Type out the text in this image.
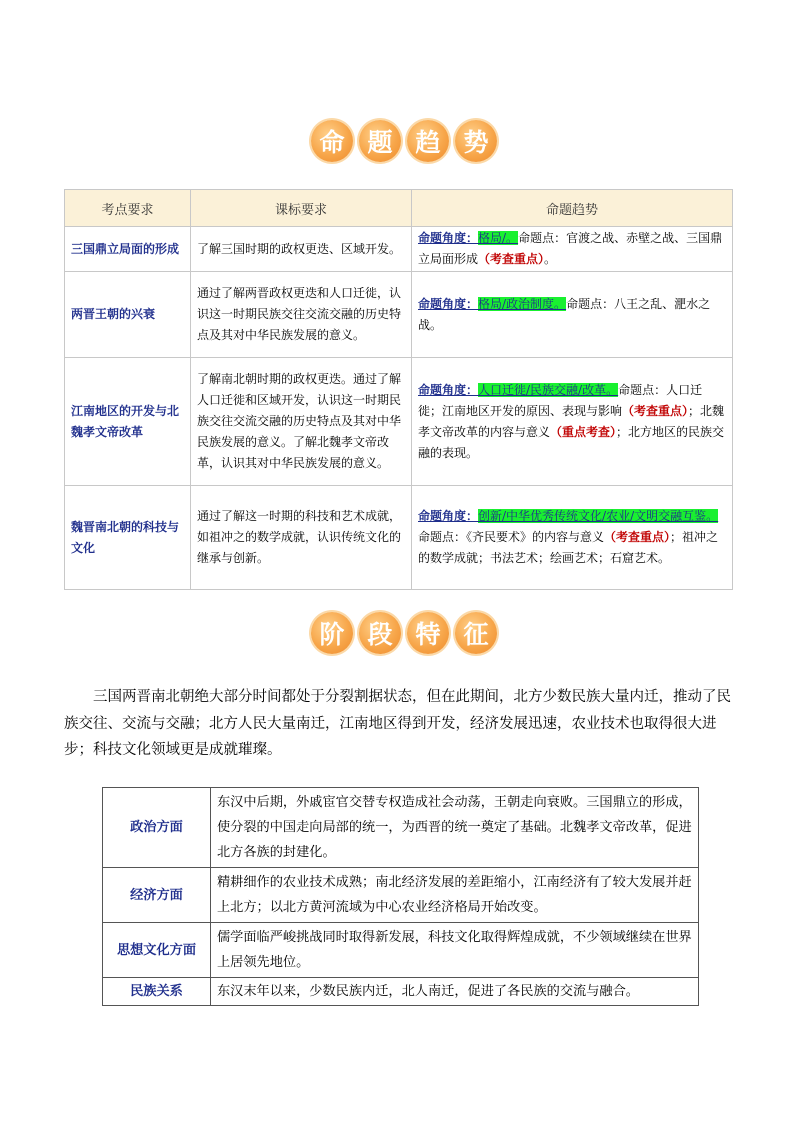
命 题 趋 势
考点要求	课标要求	命题趋势
三国鼎立局面的形成	了解三国时期的政权更迭、区域开发。	命题角度：格局/。命题点：官渡之战、赤壁之战、三国鼎立局面形成（考查重点）。
两晋王朝的兴衰	通过了解两晋政权更迭和人口迁徙，认识这一时期民族交往交流交融的历史特点及其对中华民族发展的意义。	命题角度：格局/政治制度。命题点：八王之乱、淝水之战。
江南地区的开发与北魏孝文帝改革	了解南北朝时期的政权更迭。通过了解人口迁徙和区域开发，认识这一时期民族交往交流交融的历史特点及其对中华民族发展的意义。了解北魏孝文帝改革，认识其对中华民族发展的意义。	命题角度：人口迁徙/民族交融/改革。命题点：人口迁徙；江南地区开发的原因、表现与影响（考查重点）；北魏孝文帝改革的内容与意义（重点考查）；北方地区的民族交融的表现。
魏晋南北朝的科技与文化	通过了解这一时期的科技和艺术成就，如祖冲之的数学成就，认识传统文化的继承与创新。	命题角度：创新/中华优秀传统文化/农业/文明交融互鉴。命题点：《齐民要术》的内容与意义（考查重点）；祖冲之的数学成就；书法艺术；绘画艺术；石窟艺术。
阶 段 特 征

三国两晋南北朝绝大部分时间都处于分裂割据状态，但在此期间，北方少数民族大量内迁，推动了民族交往、交流与交融；北方人民大量南迁，江南地区得到开发，经济发展迅速，农业技术也取得很大进步；科技文化领域更是成就璀璨。

政治方面	东汉中后期，外戚宦官交替专权造成社会动荡，王朝走向衰败。三国鼎立的形成，使分裂的中国走向局部的统一，为西晋的统一奠定了基础。北魏孝文帝改革，促进北方各族的封建化。
经济方面	精耕细作的农业技术成熟；南北经济发展的差距缩小，江南经济有了较大发展并赶上北方；以北方黄河流域为中心农业经济格局开始改变。
思想文化方面	儒学面临严峻挑战同时取得新发展，科技文化取得辉煌成就，不少领域继续在世界上居领先地位。
民族关系	东汉末年以来，少数民族内迁，北人南迁，促进了各民族的交流与融合。
